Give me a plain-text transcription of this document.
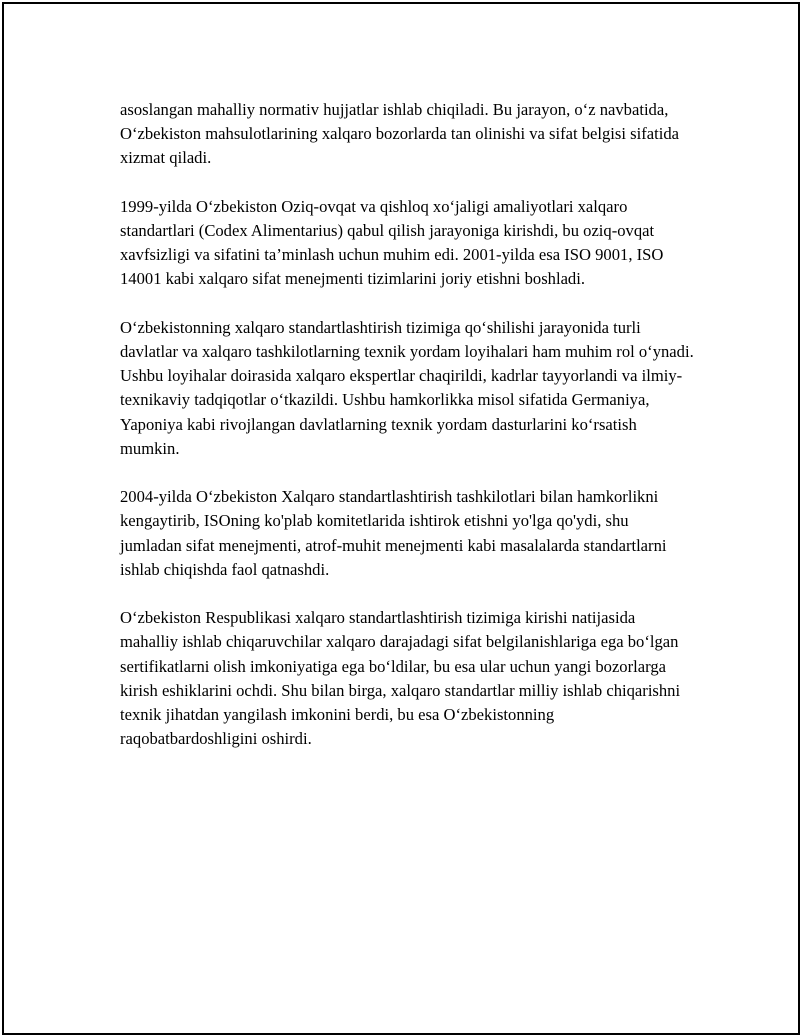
asoslangan mahalliy normativ hujjatlar ishlab chiqiladi. Bu jarayon, o‘z navbatida, O‘zbekiston mahsulotlarining xalqaro bozorlarda tan olinishi va sifat belgisi sifatida xizmat qiladi.

1999-yilda O‘zbekiston Oziq-ovqat va qishloq xo‘jaligi amaliyotlari xalqaro standartlari (Codex Alimentarius) qabul qilish jarayoniga kirishdi, bu oziq-ovqat xavfsizligi va sifatini ta’minlash uchun muhim edi. 2001-yilda esa ISO 9001, ISO 14001 kabi xalqaro sifat menejmenti tizimlarini joriy etishni boshladi.

O‘zbekistonning xalqaro standartlashtirish tizimiga qo‘shilishi jarayonida turli davlatlar va xalqaro tashkilotlarning texnik yordam loyihalari ham muhim rol o‘ynadi. Ushbu loyihalar doirasida xalqaro ekspertlar chaqirildi, kadrlar tayyorlandi va ilmiy-texnikaviy tadqiqotlar o‘tkazildi. Ushbu hamkorlikka misol sifatida Germaniya, Yaponiya kabi rivojlangan davlatlarning texnik yordam dasturlarini ko‘rsatish mumkin.

2004-yilda O‘zbekiston Xalqaro standartlashtirish tashkilotlari bilan hamkorlikni kengaytirib, ISOning ko'plab komitetlarida ishtirok etishni yo'lga qo'ydi, shu jumladan sifat menejmenti, atrof-muhit menejmenti kabi masalalarda standartlarni ishlab chiqishda faol qatnashdi.

O‘zbekiston Respublikasi xalqaro standartlashtirish tizimiga kirishi natijasida mahalliy ishlab chiqaruvchilar xalqaro darajadagi sifat belgilanishlariga ega bo‘lgan sertifikatlarni olish imkoniyatiga ega bo‘ldilar, bu esa ular uchun yangi bozorlarga kirish eshiklarini ochdi. Shu bilan birga, xalqaro standartlar milliy ishlab chiqarishni texnik jihatdan yangilash imkonini berdi, bu esa O‘zbekistonning raqobatbardoshligini oshirdi.
